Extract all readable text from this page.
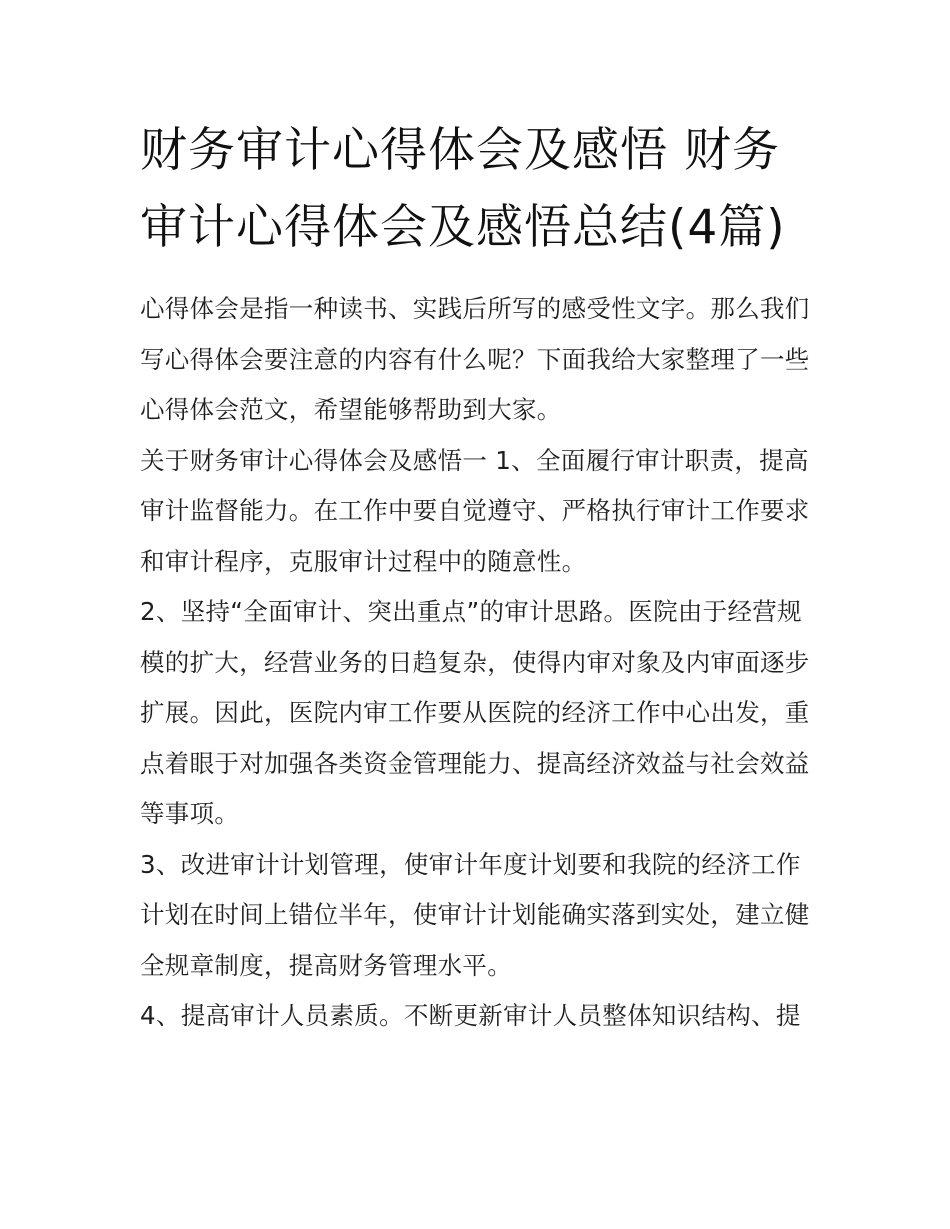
财务审计心得体会及感悟 财务审计心得体会及感悟总结(4篇)

心得体会是指一种读书、实践后所写的感受性文字。那么我们写心得体会要注意的内容有什么呢？下面我给大家整理了一些心得体会范文，希望能够帮助到大家。

关于财务审计心得体会及感悟一 1、全面履行审计职责，提高审计监督能力。在工作中要自觉遵守、严格执行审计工作要求和审计程序，克服审计过程中的随意性。

2、坚持“全面审计、突出重点”的审计思路。医院由于经营规模的扩大，经营业务的日趋复杂，使得内审对象及内审面逐步扩展。因此，医院内审工作要从医院的经济工作中心出发，重点着眼于对加强各类资金管理能力、提高经济效益与社会效益等事项。

3、改进审计计划管理，使审计年度计划要和我院的经济工作计划在时间上错位半年，使审计计划能确实落到实处，建立健全规章制度，提高财务管理水平。

4、提高审计人员素质。不断更新审计人员整体知识结构、提
